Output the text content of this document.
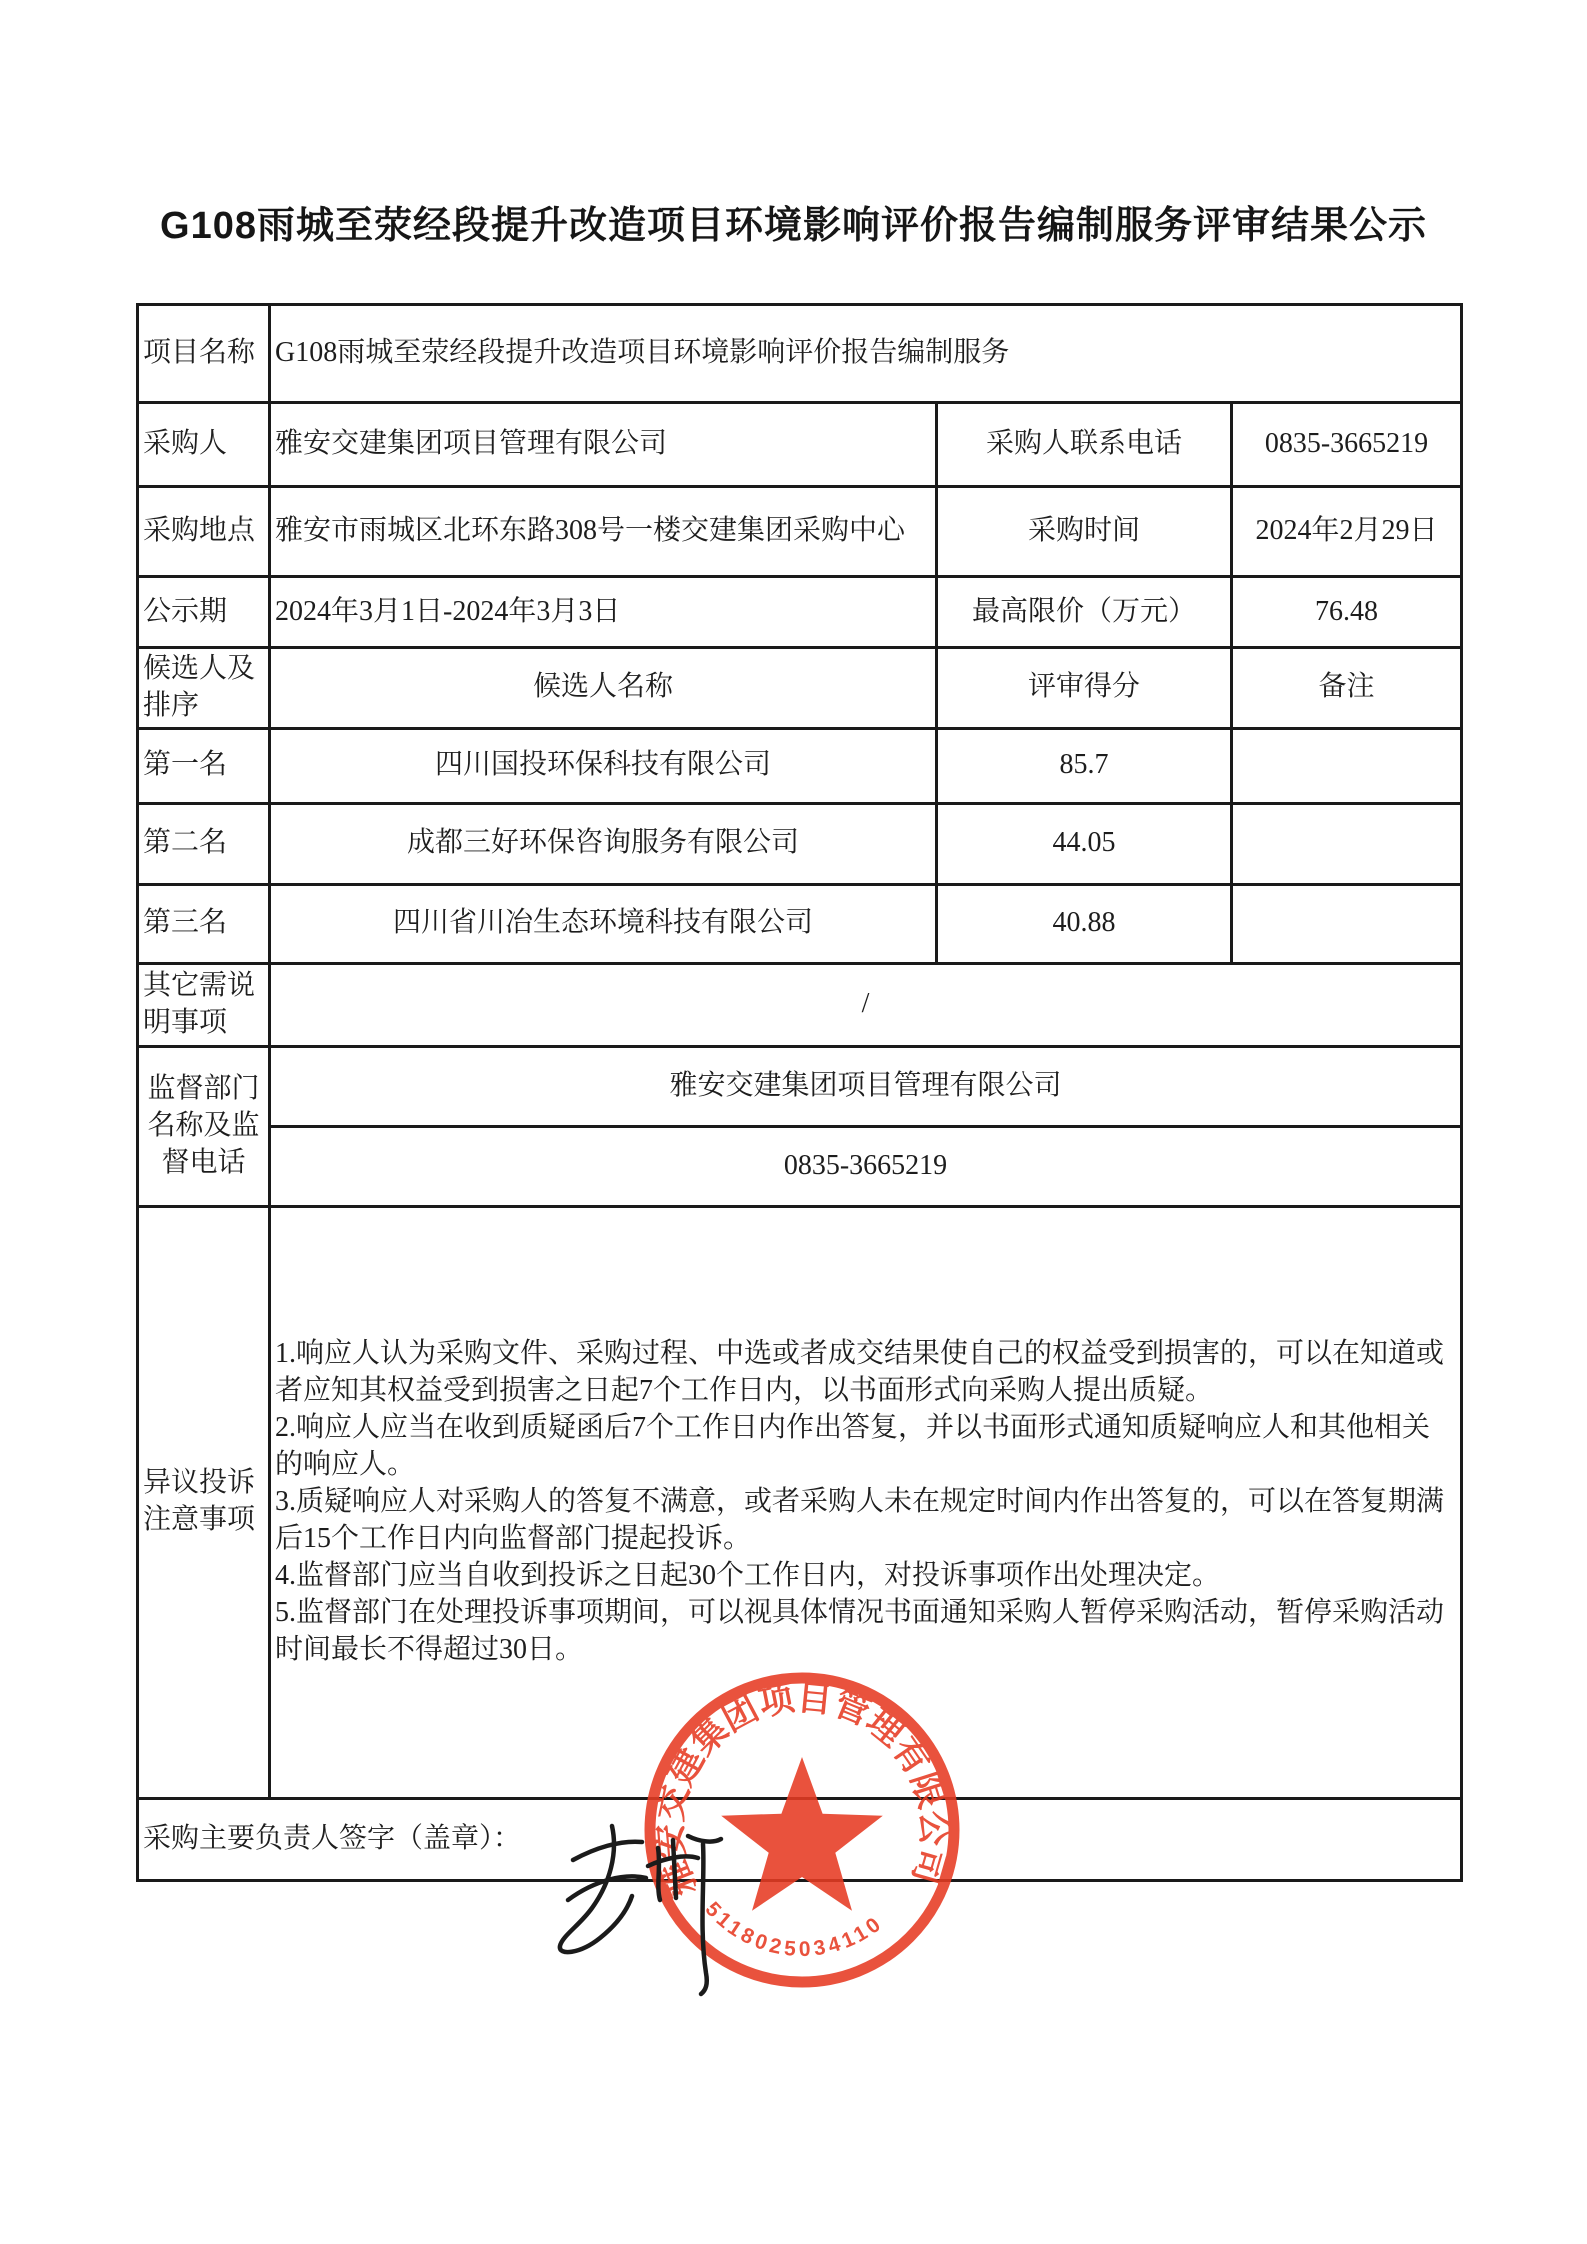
G108雨城至荥经段提升改造项目环境影响评价报告编制服务评审结果公示
项目名称	G108雨城至荥经段提升改造项目环境影响评价报告编制服务		
采购人	雅安交建集团项目管理有限公司	采购人联系电话	0835-3665219
采购地点	雅安市雨城区北环东路308号一楼交建集团采购中心	采购时间	2024年2月29日
公示期	2024年3月1日-2024年3月3日	最高限价（万元）	76.48
候选人及排序	候选人名称	评审得分	备注
第一名	四川国投环保科技有限公司	85.7	
第二名	成都三好环保咨询服务有限公司	44.05	
第三名	四川省川冶生态环境科技有限公司	40.88	
其它需说明事项	/		
监督部门名称及监督电话	雅安交建集团项目管理有限公司		
	0835-3665219		
异议投诉注意事项	1.响应人认为采购文件、采购过程、中选或者成交结果使自己的权益受到损害的，可以在知道或者应知其权益受到损害之日起7个工作日内，以书面形式向采购人提出质疑。

2.响应人应当在收到质疑函后7个工作日内作出答复，并以书面形式通知质疑响应人和其他相关的响应人。

3.质疑响应人对采购人的答复不满意，或者采购人未在规定时间内作出答复的，可以在答复期满后15个工作日内向监督部门提起投诉。

4.监督部门应当自收到投诉之日起30个工作日内，对投诉事项作出处理决定。

5.监督部门在处理投诉事项期间，可以视具体情况书面通知采购人暂停采购活动，暂停采购活动时间最长不得超过30日。		

采购主要负责人签字（盖章）：			
雅安交建集团项目管理有限公司
5118025034110
